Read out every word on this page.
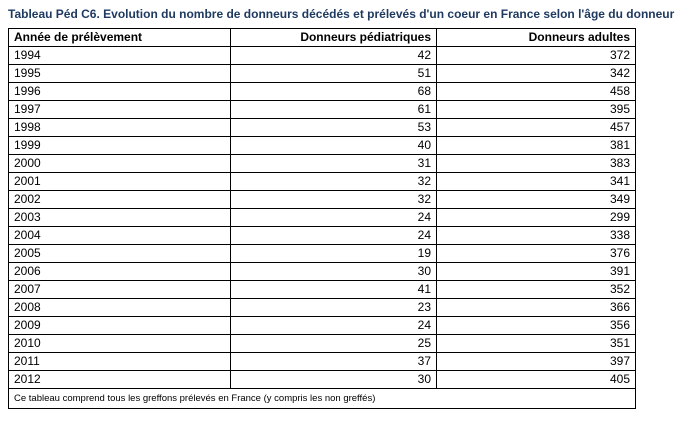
Tableau Péd C6. Evolution du nombre de donneurs décédés et prélevés d'un coeur en France selon l'âge du donneur
Année de prélèvement	Donneurs pédiatriques	Donneurs adultes
1994	42	372
1995	51	342
1996	68	458
1997	61	395
1998	53	457
1999	40	381
2000	31	383
2001	32	341
2002	32	349
2003	24	299
2004	24	338
2005	19	376
2006	30	391
2007	41	352
2008	23	366
2009	24	356
2010	25	351
2011	37	397
2012	30	405
Ce tableau comprend tous les greffons prélevés en France (y compris les non greffés)		
